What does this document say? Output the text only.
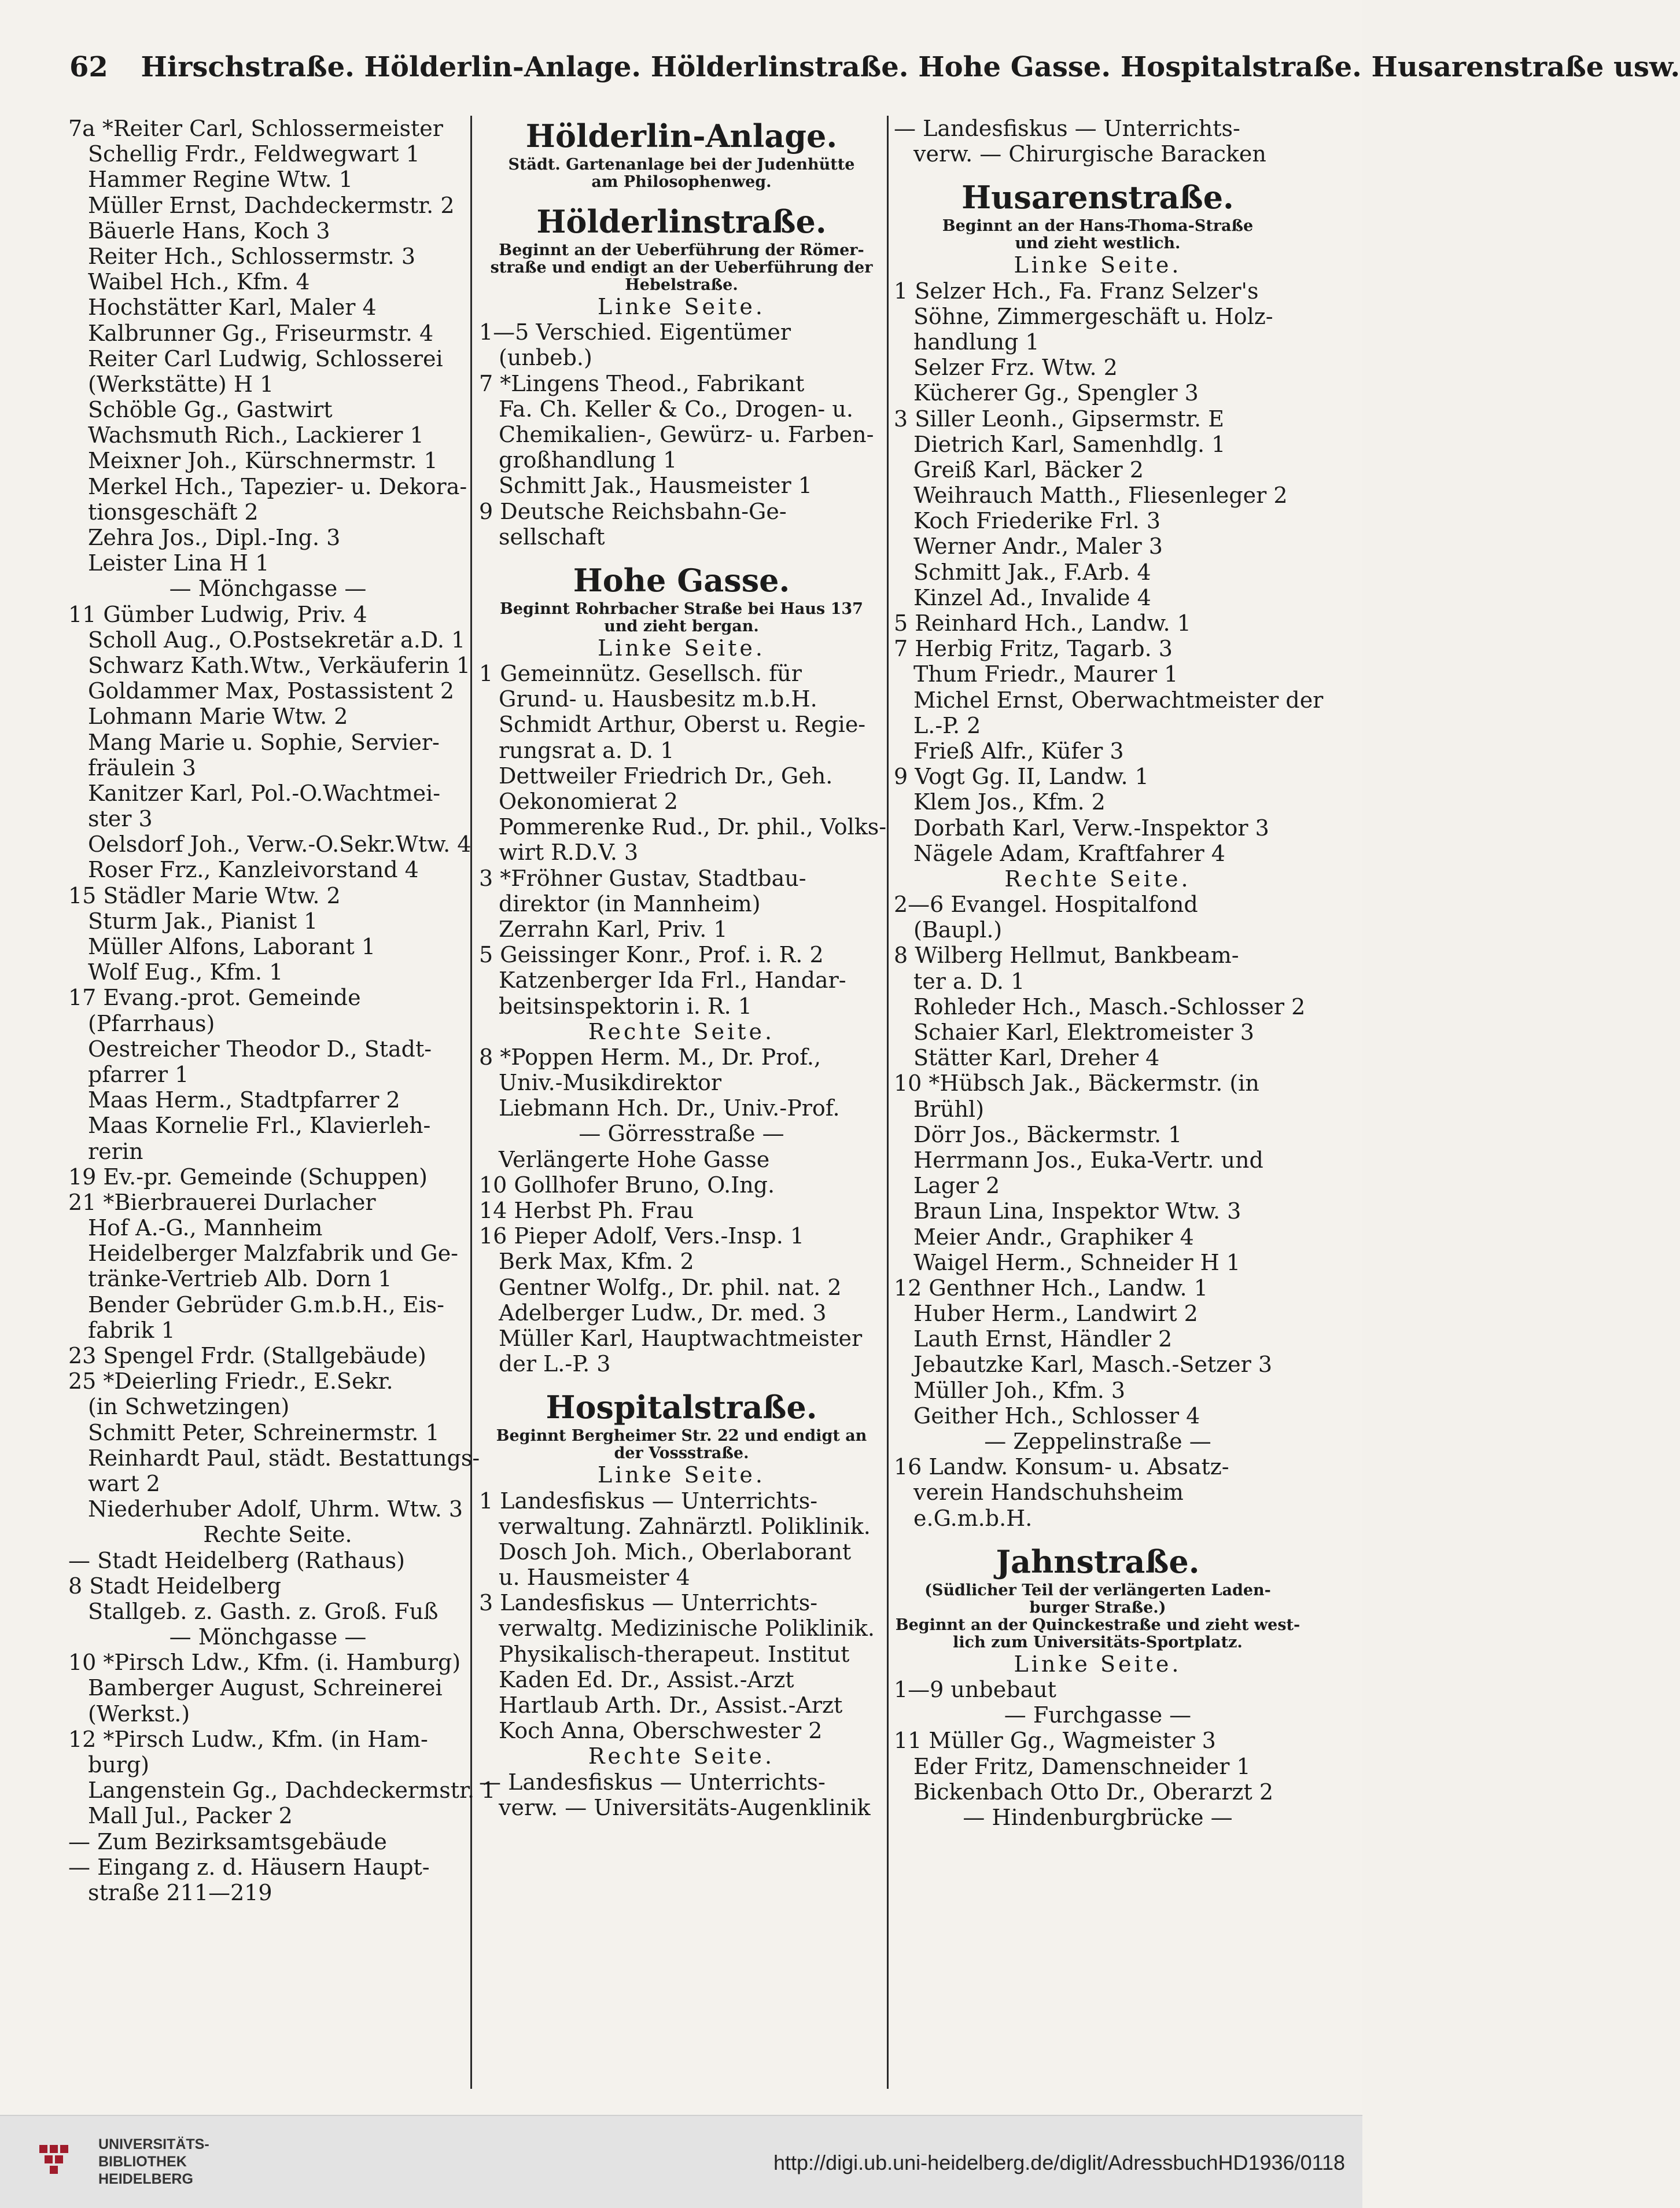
62 Hirschstraße. Hölderlin-Anlage. Hölderlinstraße. Hohe Gasse. Hospitalstraße. Husarenstraße usw.
7a *Reiter Carl, Schlossermeister
Schellig Frdr., Feldwegwart 1
Hammer Regine Wtw. 1
Müller Ernst, Dachdeckermstr. 2
Bäuerle Hans, Koch 3
Reiter Hch., Schlossermstr. 3
Waibel Hch., Kfm. 4
Hochstätter Karl, Maler 4
Kalbrunner Gg., Friseurmstr. 4
Reiter Carl Ludwig, Schlosserei
(Werkstätte) H 1
Schöble Gg., Gastwirt
Wachsmuth Rich., Lackierer 1
Meixner Joh., Kürschnermstr. 1
Merkel Hch., Tapezier- u. Dekora-
tionsgeschäft 2
Zehra Jos., Dipl.-Ing. 3
Leister Lina H 1
— Mönchgasse —
11 Gümber Ludwig, Priv. 4
Scholl Aug., O.Postsekretär a.D. 1
Schwarz Kath.Wtw., Verkäuferin 1
Goldammer Max, Postassistent 2
Lohmann Marie Wtw. 2
Mang Marie u. Sophie, Servier-
fräulein 3
Kanitzer Karl, Pol.-O.Wachtmei-
ster 3
Oelsdorf Joh., Verw.-O.Sekr.Wtw. 4
Roser Frz., Kanzleivorstand 4
15 Städler Marie Wtw. 2
Sturm Jak., Pianist 1
Müller Alfons, Laborant 1
Wolf Eug., Kfm. 1
17 Evang.-prot. Gemeinde
(Pfarrhaus)
Oestreicher Theodor D., Stadt-
pfarrer 1
Maas Herm., Stadtpfarrer 2
Maas Kornelie Frl., Klavierleh-
rerin
19 Ev.-pr. Gemeinde (Schuppen)
21 *Bierbrauerei Durlacher
Hof A.-G., Mannheim
Heidelberger Malzfabrik und Ge-
tränke-Vertrieb Alb. Dorn 1
Bender Gebrüder G.m.b.H., Eis-
fabrik 1
23 Spengel Frdr. (Stallgebäude)
25 *Deierling Friedr., E.Sekr.
(in Schwetzingen)
Schmitt Peter, Schreinermstr. 1
Reinhardt Paul, städt. Bestattungs-
wart 2
Niederhuber Adolf, Uhrm. Wtw. 3
Rechte Seite.
— Stadt Heidelberg (Rathaus)
8 Stadt Heidelberg
Stallgeb. z. Gasth. z. Groß. Fuß
— Mönchgasse —
10 *Pirsch Ldw., Kfm. (i. Hamburg)
Bamberger August, Schreinerei
(Werkst.)
12 *Pirsch Ludw., Kfm. (in Ham-
burg)
Langenstein Gg., Dachdeckermstr. 1
Mall Jul., Packer 2
— Zum Bezirksamtsgebäude
— Eingang z. d. Häusern Haupt-
straße 211—219
Hölderlin-Anlage.
Städt. Gartenanlage bei der Judenhütte
am Philosophenweg.
Hölderlinstraße.
Beginnt an der Ueberführung der Römer-
straße und endigt an der Ueberführung der
Hebelstraße.
Linke Seite.
1—5 Verschied. Eigentümer
(unbeb.)
7 *Lingens Theod., Fabrikant
Fa. Ch. Keller & Co., Drogen- u.
Chemikalien-, Gewürz- u. Farben-
großhandlung 1
Schmitt Jak., Hausmeister 1
9 Deutsche Reichsbahn-Ge-
sellschaft
Hohe Gasse.
Beginnt Rohrbacher Straße bei Haus 137
und zieht bergan.
Linke Seite.
1 Gemeinnütz. Gesellsch. für
Grund- u. Hausbesitz m.b.H.
Schmidt Arthur, Oberst u. Regie-
rungsrat a. D. 1
Dettweiler Friedrich Dr., Geh.
Oekonomierat 2
Pommerenke Rud., Dr. phil., Volks-
wirt R.D.V. 3
3 *Fröhner Gustav, Stadtbau-
direktor (in Mannheim)
Zerrahn Karl, Priv. 1
5 Geissinger Konr., Prof. i. R. 2
Katzenberger Ida Frl., Handar-
beitsinspektorin i. R. 1
Rechte Seite.
8 *Poppen Herm. M., Dr. Prof.,
Univ.-Musikdirektor
Liebmann Hch. Dr., Univ.-Prof.
— Görresstraße —
Verlängerte Hohe Gasse
10 Gollhofer Bruno, O.Ing.
14 Herbst Ph. Frau
16 Pieper Adolf, Vers.-Insp. 1
Berk Max, Kfm. 2
Gentner Wolfg., Dr. phil. nat. 2
Adelberger Ludw., Dr. med. 3
Müller Karl, Hauptwachtmeister
der L.-P. 3
Hospitalstraße.
Beginnt Bergheimer Str. 22 und endigt an
der Vossstraße.
Linke Seite.
1 Landesfiskus — Unterrichts-
verwaltung. Zahnärztl. Poliklinik.
Dosch Joh. Mich., Oberlaborant
u. Hausmeister 4
3 Landesfiskus — Unterrichts-
verwaltg. Medizinische Poliklinik.
Physikalisch-therapeut. Institut
Kaden Ed. Dr., Assist.-Arzt
Hartlaub Arth. Dr., Assist.-Arzt
Koch Anna, Oberschwester 2
Rechte Seite.
— Landesfiskus — Unterrichts-
verw. — Universitäts-Augenklinik
— Landesfiskus — Unterrichts-
verw. — Chirurgische Baracken
Husarenstraße.
Beginnt an der Hans-Thoma-Straße
und zieht westlich.
Linke Seite.
1 Selzer Hch., Fa. Franz Selzer's
Söhne, Zimmergeschäft u. Holz-
handlung 1
Selzer Frz. Wtw. 2
Kücherer Gg., Spengler 3
3 Siller Leonh., Gipsermstr. E
Dietrich Karl, Samenhdlg. 1
Greiß Karl, Bäcker 2
Weihrauch Matth., Fliesenleger 2
Koch Friederike Frl. 3
Werner Andr., Maler 3
Schmitt Jak., F.Arb. 4
Kinzel Ad., Invalide 4
5 Reinhard Hch., Landw. 1
7 Herbig Fritz, Tagarb. 3
Thum Friedr., Maurer 1
Michel Ernst, Oberwachtmeister der
L.-P. 2
Frieß Alfr., Küfer 3
9 Vogt Gg. II, Landw. 1
Klem Jos., Kfm. 2
Dorbath Karl, Verw.-Inspektor 3
Nägele Adam, Kraftfahrer 4
Rechte Seite.
2—6 Evangel. Hospitalfond
(Baupl.)
8 Wilberg Hellmut, Bankbeam-
ter a. D. 1
Rohleder Hch., Masch.-Schlosser 2
Schaier Karl, Elektromeister 3
Stätter Karl, Dreher 4
10 *Hübsch Jak., Bäckermstr. (in
Brühl)
Dörr Jos., Bäckermstr. 1
Herrmann Jos., Euka-Vertr. und
Lager 2
Braun Lina, Inspektor Wtw. 3
Meier Andr., Graphiker 4
Waigel Herm., Schneider H 1
12 Genthner Hch., Landw. 1
Huber Herm., Landwirt 2
Lauth Ernst, Händler 2
Jebautzke Karl, Masch.-Setzer 3
Müller Joh., Kfm. 3
Geither Hch., Schlosser 4
— Zeppelinstraße —
16 Landw. Konsum- u. Absatz-
verein Handschuhsheim
e.G.m.b.H.
Jahnstraße.
(Südlicher Teil der verlängerten Laden-
burger Straße.)
Beginnt an der Quinckestraße und zieht west-
lich zum Universitäts-Sportplatz.
Linke Seite.
1—9 unbebaut
— Furchgasse —
11 Müller Gg., Wagmeister 3
Eder Fritz, Damenschneider 1
Bickenbach Otto Dr., Oberarzt 2
— Hindenburgbrücke —
UNIVERSITÄTS-
BIBLIOTHEK
HEIDELBERG
http://digi.ub.uni-heidelberg.de/diglit/AdressbuchHD1936/0118
